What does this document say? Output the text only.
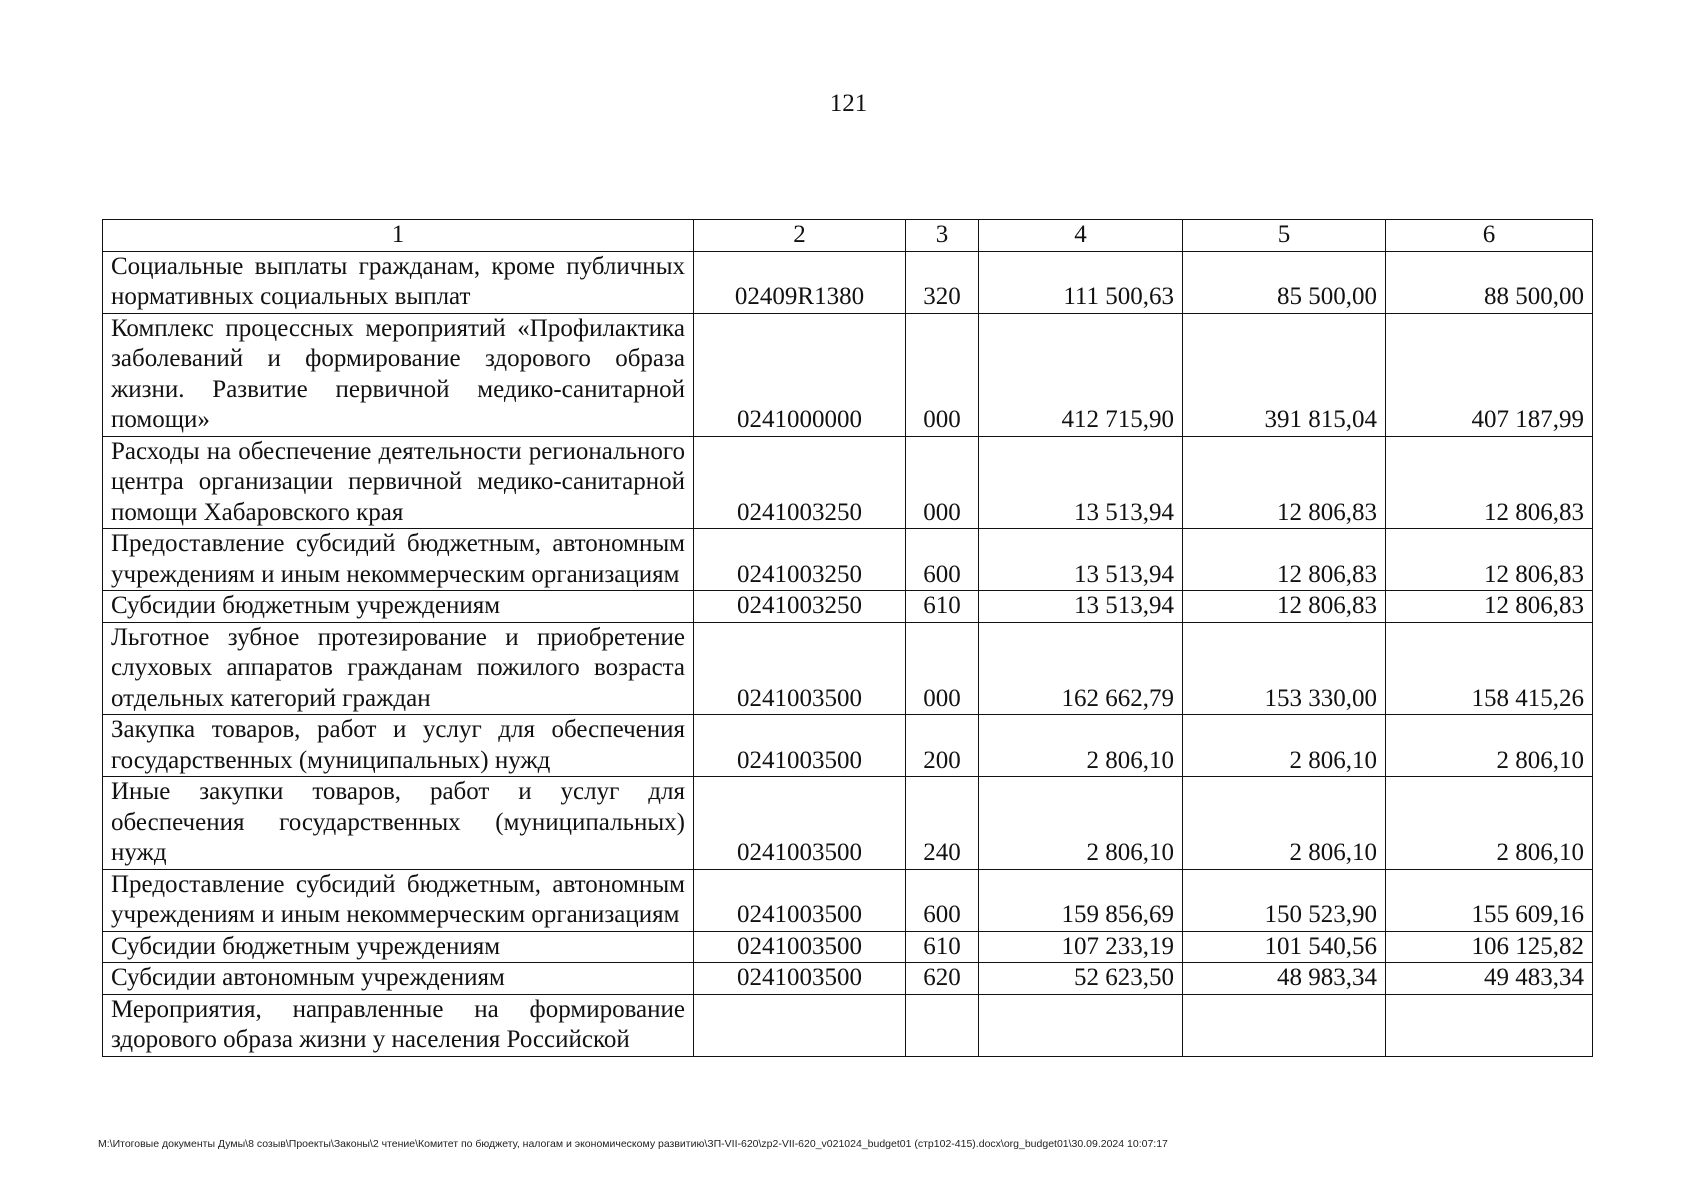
121
1	2	3	4	5	6
Социальные выплаты гражданам, кроме публичных нормативных социальных выплат	02409R1380	320	111 500,63	85 500,00	88 500,00
Комплекс процессных мероприятий «Профилактика заболеваний и формирование здорового образа жизни. Развитие первичной медико-санитарной помощи»	0241000000	000	412 715,90	391 815,04	407 187,99
Расходы на обеспечение деятельности регионального центра организации первичной медико-санитарной помощи Хабаровского края	0241003250	000	13 513,94	12 806,83	12 806,83
Предоставление субсидий бюджетным, автономным учреждениям и иным некоммерческим организациям	0241003250	600	13 513,94	12 806,83	12 806,83
Субсидии бюджетным учреждениям	0241003250	610	13 513,94	12 806,83	12 806,83
Льготное зубное протезирование и приобретение слуховых аппаратов гражданам пожилого возраста отдельных категорий граждан	0241003500	000	162 662,79	153 330,00	158 415,26
Закупка товаров, работ и услуг для обеспечения государственных (муниципальных) нужд	0241003500	200	2 806,10	2 806,10	2 806,10
Иные закупки товаров, работ и услуг для обеспечения государственных (муниципальных) нужд	0241003500	240	2 806,10	2 806,10	2 806,10
Предоставление субсидий бюджетным, автономным учреждениям и иным некоммерческим организациям	0241003500	600	159 856,69	150 523,90	155 609,16
Субсидии бюджетным учреждениям	0241003500	610	107 233,19	101 540,56	106 125,82
Субсидии автономным учреждениям	0241003500	620	52 623,50	48 983,34	49 483,34
Мероприятия, направленные на формирование здорового образа жизни у населения Российской					
M:\Итоговые документы Думы\8 созыв\Проекты\Законы\2 чтение\Комитет по бюджету, налогам и экономическому развитию\ЗП-VII-620\zp2-VII-620_v021024_budget01 (стр102-415).docx\org_budget01\30.09.2024 10:07:17
